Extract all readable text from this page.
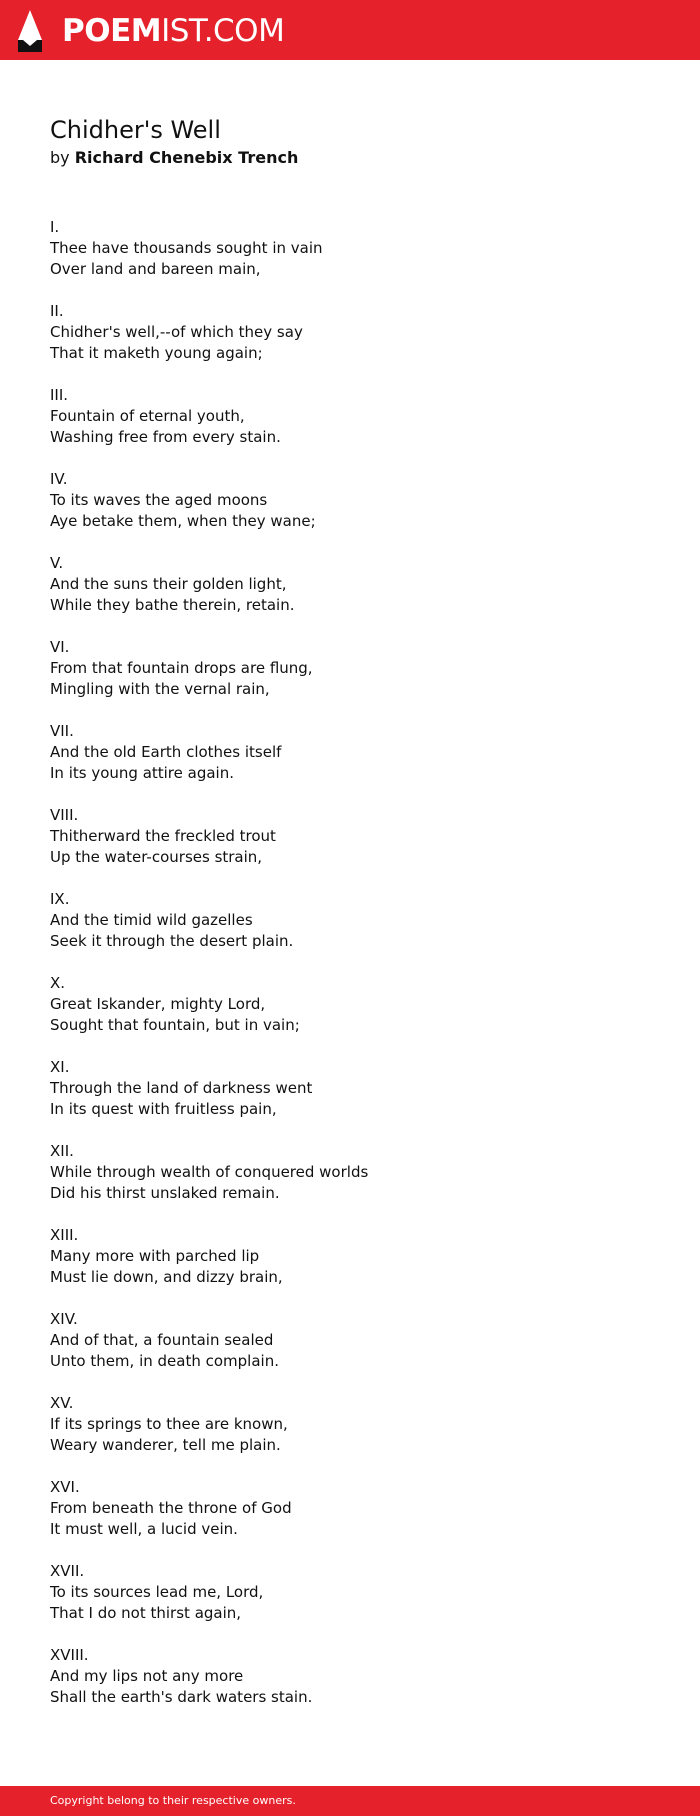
POEMIST.COM
Chidher's Well
by Richard Chenebix Trench
I.
Thee have thousands sought in vain
Over land and bareen main,
II.
Chidher's well,--of which they say
That it maketh young again;
III.
Fountain of eternal youth,
Washing free from every stain.
IV.
To its waves the aged moons
Aye betake them, when they wane;
V.
And the suns their golden light,
While they bathe therein, retain.
VI.
From that fountain drops are flung,
Mingling with the vernal rain,
VII.
And the old Earth clothes itself
In its young attire again.
VIII.
Thitherward the freckled trout
Up the water-courses strain,
IX.
And the timid wild gazelles
Seek it through the desert plain.
X.
Great Iskander, mighty Lord,
Sought that fountain, but in vain;
XI.
Through the land of darkness went
In its quest with fruitless pain,
XII.
While through wealth of conquered worlds
Did his thirst unslaked remain.
XIII.
Many more with parched lip
Must lie down, and dizzy brain,
XIV.
And of that, a fountain sealed
Unto them, in death complain.
XV.
If its springs to thee are known,
Weary wanderer, tell me plain.
XVI.
From beneath the throne of God
It must well, a lucid vein.
XVII.
To its sources lead me, Lord,
That I do not thirst again,
XVIII.
And my lips not any more
Shall the earth's dark waters stain.
Copyright belong to their respective owners.
